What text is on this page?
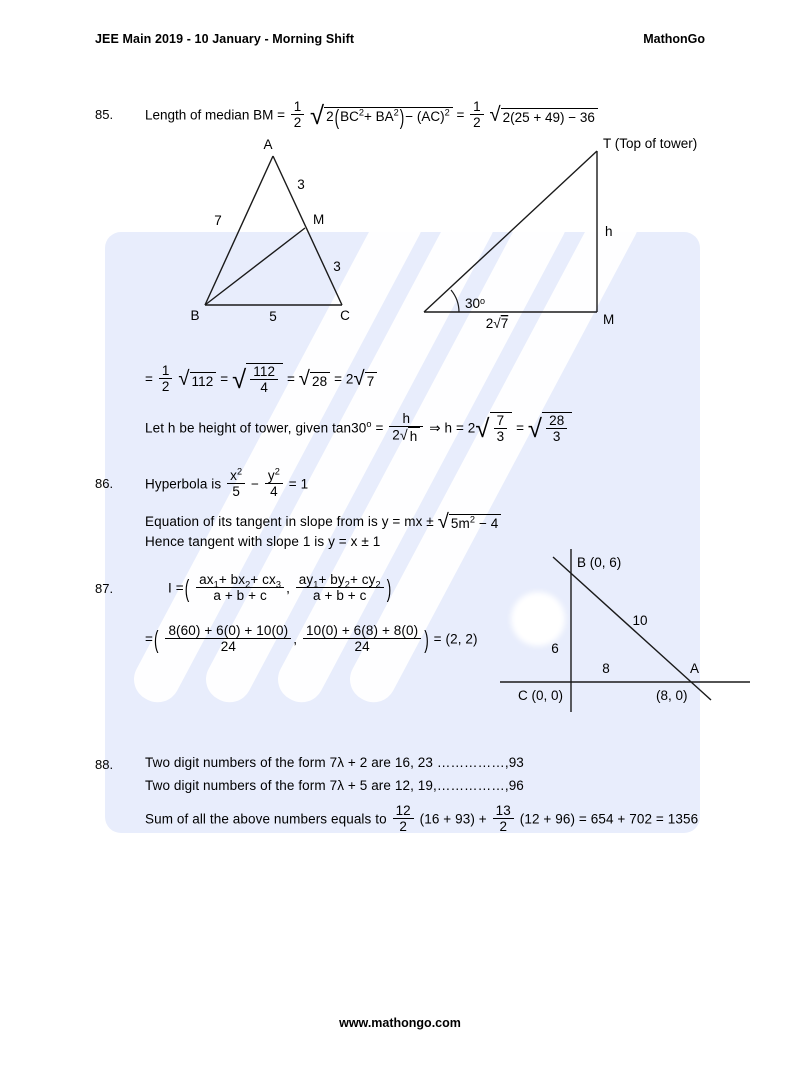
JEE Main 2019 - 10 January - Morning Shift	MathonGo
85. Length of median BM = $\frac{1}{2}$ √ $2(BC^2+ BA^2)- (AC)^2 = \frac{1}{2}$ √ 2(25 + 49) − 36
A
B	C
M
7
3
3
5
T (Top of tower)
h
M
30$^o$
2√7
= $\frac{1}{2}$ √ 112 = √ $\frac{112}{4}$ = √ 28 = 2√ 7
Let h be height of tower, given $\tan 30^o = \frac{h}{2√ h}$ ⇒ $h = 2√ \frac{7}{3}$ = √ $\frac{28}{3}$
86. Hyperbola is $\frac{x^2}{5} - \frac{y^2}{4} = 1$
Equation of its tangent in slope from is y = mx ± √ $5m^2 - 4$
Hence tangent with slope 1 is y = x ± 1
87.	I =( $\frac{ax_1+ bx_2+ cx_3}{a + b + c}$ , $\frac{ay_1+ by_2+ cy_2}{a + b + c}$ )
=( $\frac{8(60) + 6(0) + 10(0)}{24}$ , $\frac{10(0) + 6(8) + 8(0)}{24}$ ) = (2, 2)
B (0, 6)
A
(8, 0)
C (0, 0)
10
6
8
88. Two digit numbers of the form 7λ + 2 are 16, 23 ……………,93
Two digit numbers of the form 7λ + 5 are 12, 19,……………,96
Sum of all the above numbers equals to $\frac{12}{2} (16 + 93) + \frac{13}{2} (12 + 96) = 654 + 702 = 1356$
www.mathongo.com
